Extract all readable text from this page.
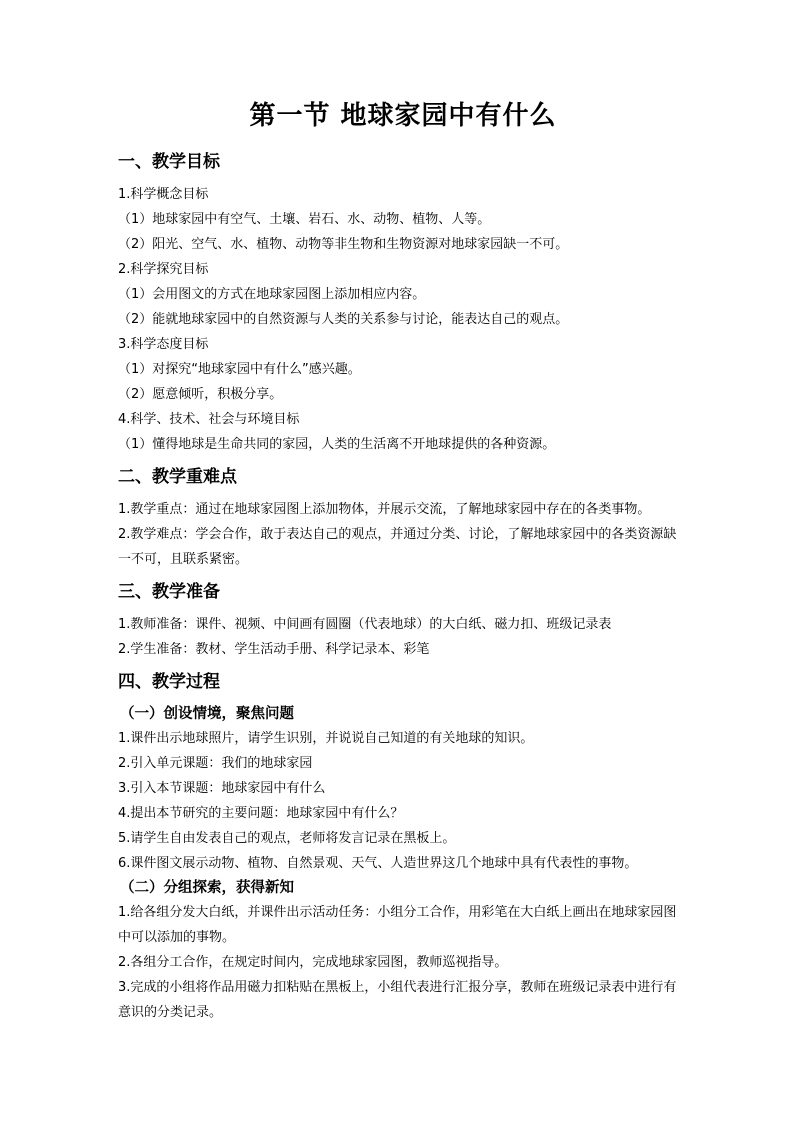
第一节 地球家园中有什么
一、教学目标
1.科学概念目标
（1）地球家园中有空气、土壤、岩石、水、动物、植物、人等。
（2）阳光、空气、水、植物、动物等非生物和生物资源对地球家园缺一不可。
2.科学探究目标
（1）会用图文的方式在地球家园图上添加相应内容。
（2）能就地球家园中的自然资源与人类的关系参与讨论，能表达自己的观点。
3.科学态度目标
（1）对探究“地球家园中有什么”感兴趣。
（2）愿意倾听，积极分享。
4.科学、技术、社会与环境目标
（1）懂得地球是生命共同的家园，人类的生活离不开地球提供的各种资源。
二、教学重难点
1.教学重点：通过在地球家园图上添加物体，并展示交流，了解地球家园中存在的各类事物。
2.教学难点：学会合作，敢于表达自己的观点，并通过分类、讨论，了解地球家园中的各类资源缺一不可，且联系紧密。
三、教学准备
1.教师准备：课件、视频、中间画有圆圈（代表地球）的大白纸、磁力扣、班级记录表
2.学生准备：教材、学生活动手册、科学记录本、彩笔
四、教学过程
（一）创设情境，聚焦问题
1.课件出示地球照片，请学生识别，并说说自己知道的有关地球的知识。
2.引入单元课题：我们的地球家园
3.引入本节课题：地球家园中有什么
4.提出本节研究的主要问题：地球家园中有什么？
5.请学生自由发表自己的观点，老师将发言记录在黑板上。
6.课件图文展示动物、植物、自然景观、天气、人造世界这几个地球中具有代表性的事物。
（二）分组探索，获得新知
1.给各组分发大白纸，并课件出示活动任务：小组分工合作，用彩笔在大白纸上画出在地球家园图中可以添加的事物。
2.各组分工合作，在规定时间内，完成地球家园图，教师巡视指导。
3.完成的小组将作品用磁力扣粘贴在黑板上，小组代表进行汇报分享，教师在班级记录表中进行有意识的分类记录。
